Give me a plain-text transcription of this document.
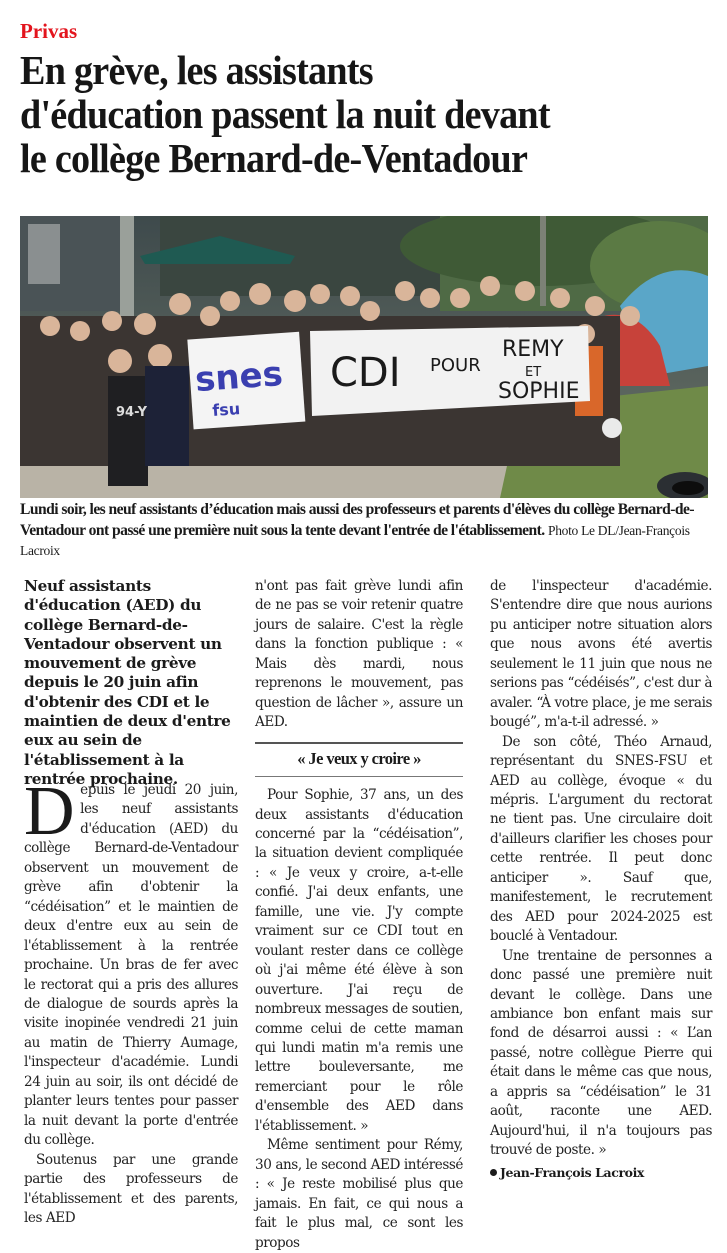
Privas
En grève, les assistants
d'éducation passent la nuit devant
le collège Bernard-de-Ventadour
94-Y
snes
fsu
CDI POUR
REMY
ET
SOPHIE
Lundi soir, les neuf assistants d’éducation mais aussi des professeurs et parents d'élèves du collège Bernard-de-Ventadour ont passé une première nuit sous la tente devant l'entrée de l'établissement. Photo Le DL/Jean-François Lacroix
Neuf assistants d'éducation (AED) du collège Bernard-de-Ventadour observent un mouvement de grève depuis le 20 juin afin d'obtenir des CDI et le maintien de deux d'entre eux au sein de l'établissement à la rentrée prochaine.

Depuis le jeudi 20 juin, les neuf assistants d'éducation (AED) du collège Bernard-de-Ventadour observent un mouvement de grève afin d'obtenir la “cédéisation” et le maintien de deux d'entre eux au sein de l'établissement à la rentrée prochaine. Un bras de fer avec le rectorat qui a pris des allures de dialogue de sourds après la visite inopinée vendredi 21 juin au matin de Thierry Aumage, l'inspecteur d'académie. Lundi 24 juin au soir, ils ont décidé de planter leurs tentes pour passer la nuit devant la porte d'entrée du collège.

Soutenus par une grande partie des professeurs de l'établissement et des parents, les AED

n'ont pas fait grève lundi afin de ne pas se voir retenir quatre jours de salaire. C'est la règle dans la fonction publique : « Mais dès mardi, nous reprenons le mouvement, pas question de lâcher », assure un AED.

« Je veux y croire »

Pour Sophie, 37 ans, un des deux assistants d'éducation concerné par la “cédéisation”, la situation devient compliquée : « Je veux y croire, a-t-elle confié. J'ai deux enfants, une famille, une vie. J'y compte vraiment sur ce CDI tout en voulant rester dans ce collège où j'ai même été élève à son ouverture. J'ai reçu de nombreux messages de soutien, comme celui de cette maman qui lundi matin m'a remis une lettre bouleversante, me remerciant pour le rôle d'ensemble des AED dans l'établissement. »

Même sentiment pour Rémy, 30 ans, le second AED intéressé : « Je reste mobilisé plus que jamais. En fait, ce qui nous a fait le plus mal, ce sont les propos

de l'inspecteur d'académie. S'entendre dire que nous aurions pu anticiper notre situation alors que nous avons été avertis seulement le 11 juin que nous ne serions pas “cédéisés”, c'est dur à avaler. “À votre place, je me serais bougé”, m'a-t-il adressé. »

De son côté, Théo Arnaud, représentant du SNES-FSU et AED au collège, évoque « du mépris. L'argument du rectorat ne tient pas. Une circulaire doit d'ailleurs clarifier les choses pour cette rentrée. Il peut donc anticiper ». Sauf que, manifestement, le recrutement des AED pour 2024-2025 est bouclé à Ventadour.

Une trentaine de personnes a donc passé une première nuit devant le collège. Dans une ambiance bon enfant mais sur fond de désarroi aussi : « L’an passé, notre collègue Pierre qui était dans le même cas que nous, a appris sa “cédéisation” le 31 août, raconte une AED. Aujourd'hui, il n'a toujours pas trouvé de poste. »

Jean-François Lacroix
